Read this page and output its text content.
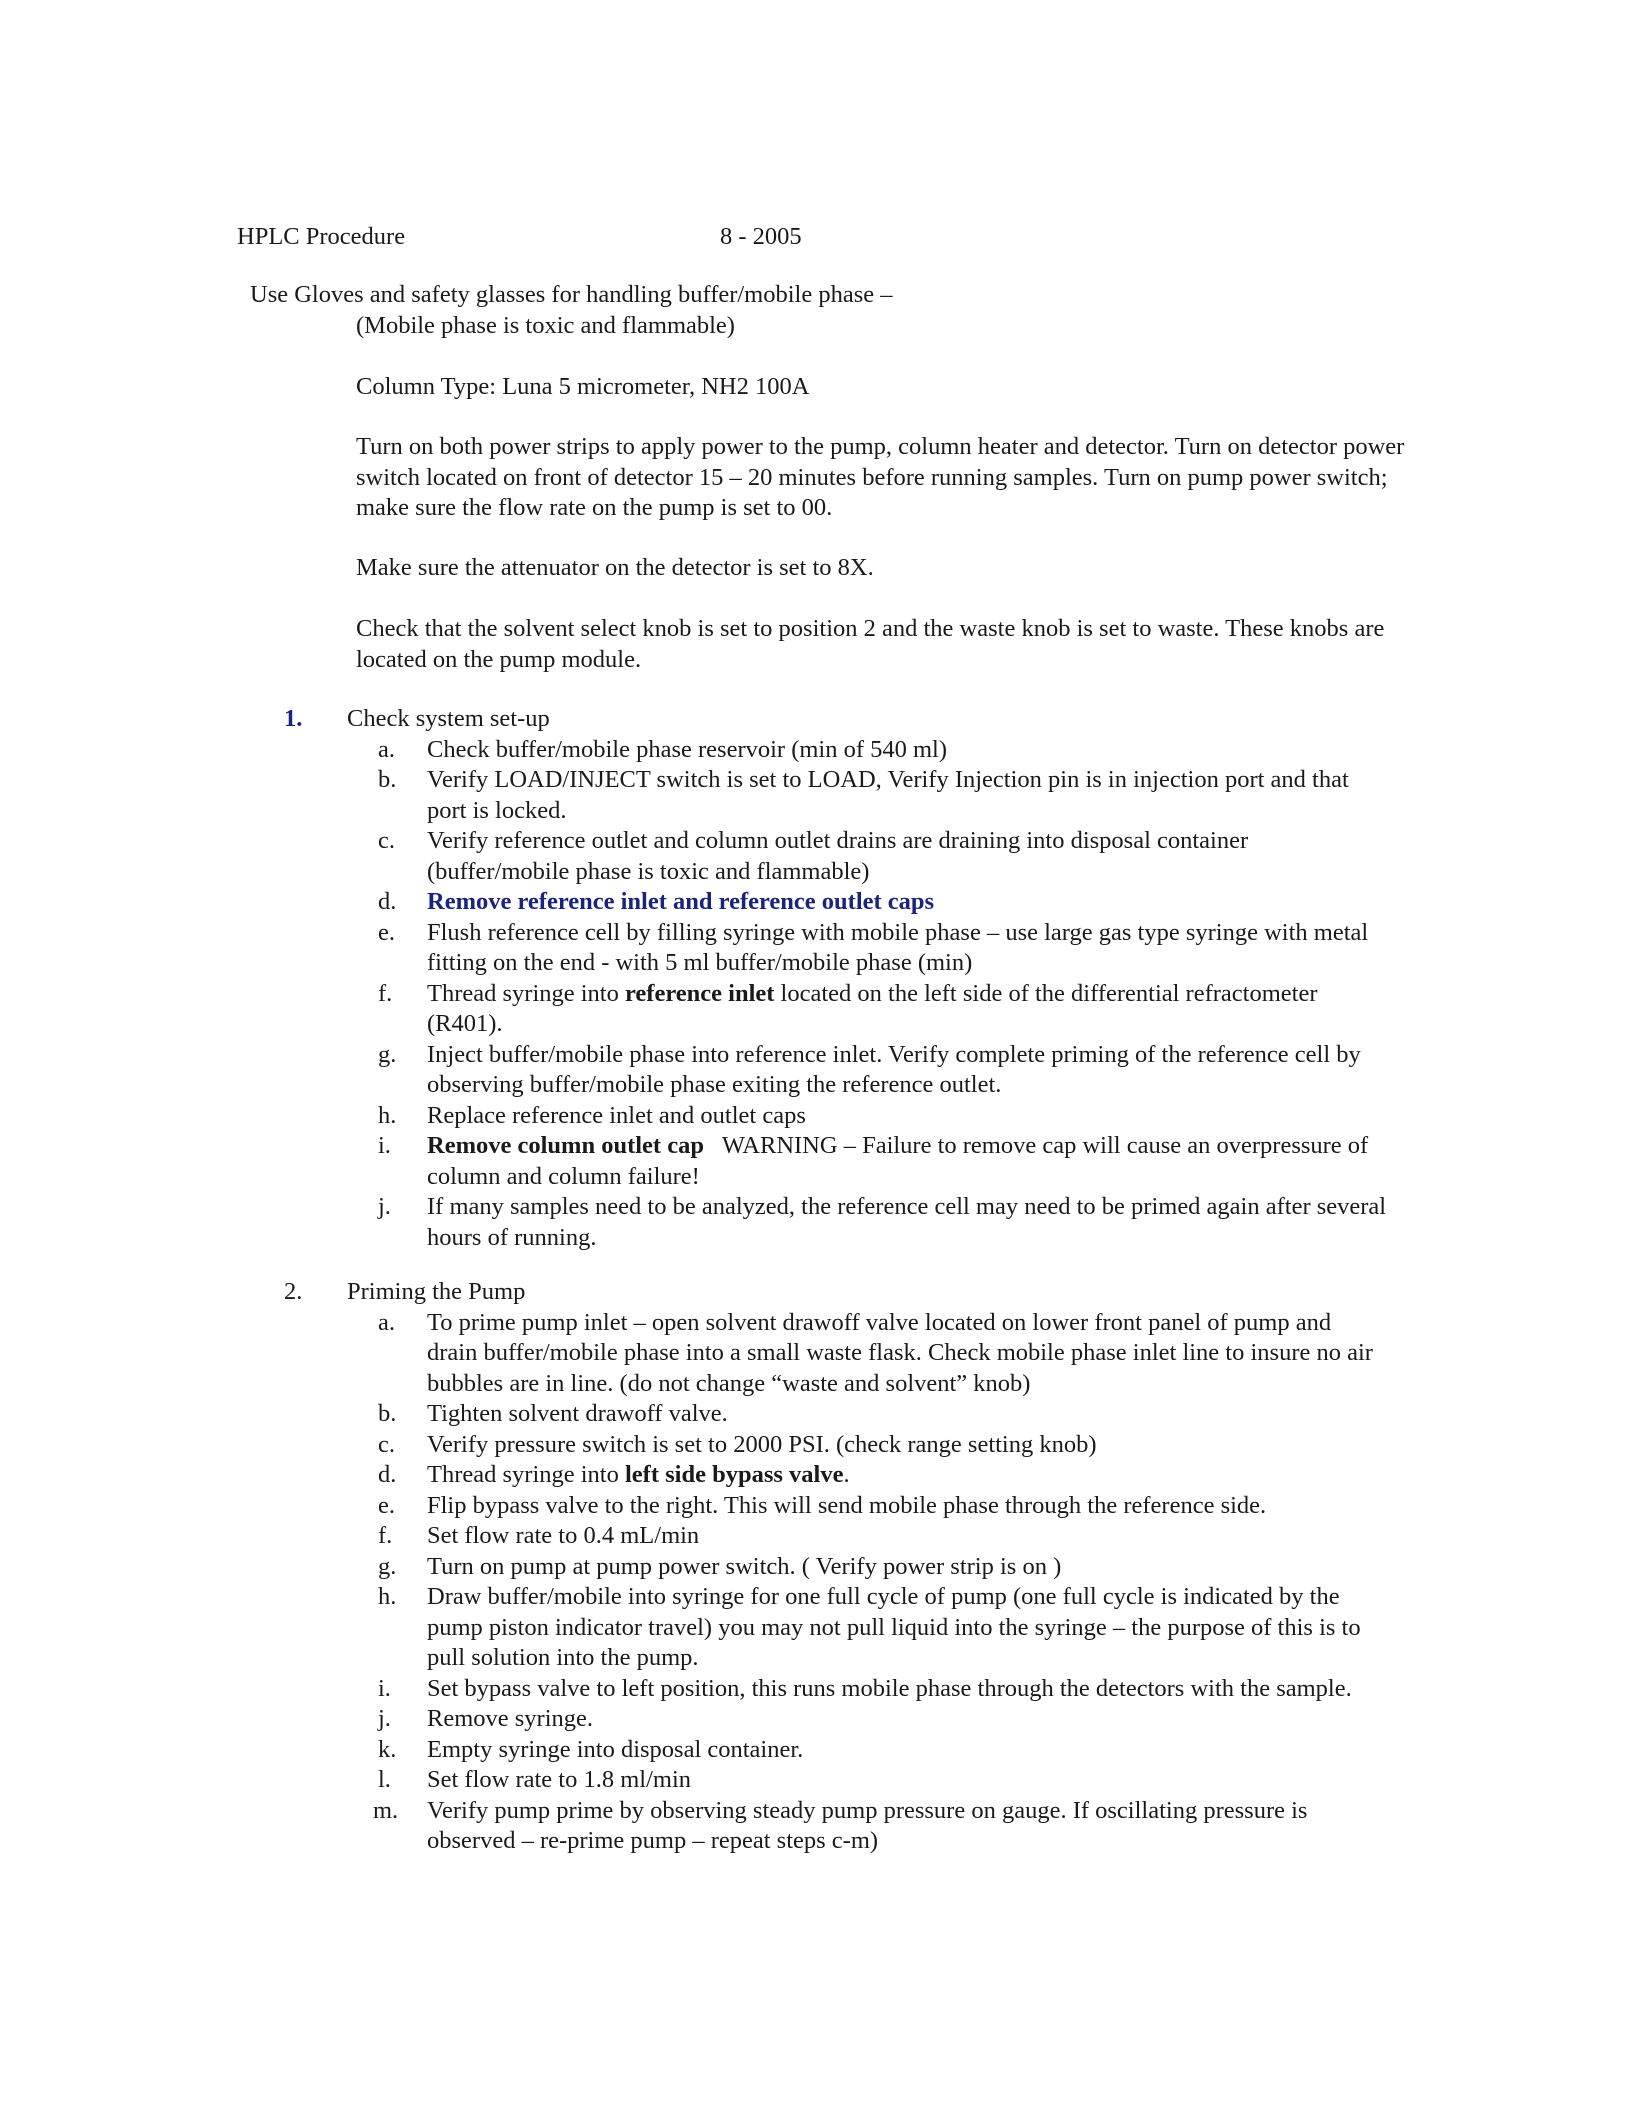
HPLC Procedure	8 - 2005
Use Gloves and safety glasses for handling buffer/mobile phase –
(Mobile phase is toxic and flammable)
Column Type: Luna 5 micrometer, NH2 100A
Turn on both power strips to apply power to the pump, column heater and detector. Turn on detector power switch located on front of detector 15 – 20 minutes before running samples. Turn on pump power switch; make sure the flow rate on the pump is set to 00.
Make sure the attenuator on the detector is set to 8X.
Check that the solvent select knob is set to position 2 and the waste knob is set to waste. These knobs are located on the pump module.
1. Check system set-up
a. Check buffer/mobile phase reservoir (min of 540 ml)
b. Verify LOAD/INJECT switch is set to LOAD, Verify Injection pin is in injection port and that port is locked.
c. Verify reference outlet and column outlet drains are draining into disposal container (buffer/mobile phase is toxic and flammable)
d. Remove reference inlet and reference outlet caps
e. Flush reference cell by filling syringe with mobile phase – use large gas type syringe with metal fitting on the end - with 5 ml buffer/mobile phase (min)
f. Thread syringe into reference inlet located on the left side of the differential refractometer (R401).
g. Inject buffer/mobile phase into reference inlet. Verify complete priming of the reference cell by observing buffer/mobile phase exiting the reference outlet.
h. Replace reference inlet and outlet caps
i. Remove column outlet cap   WARNING – Failure to remove cap will cause an overpressure of column and column failure!
j. If many samples need to be analyzed, the reference cell may need to be primed again after several hours of running.
2. Priming the Pump
a. To prime pump inlet – open solvent drawoff valve located on lower front panel of pump and drain buffer/mobile phase into a small waste flask. Check mobile phase inlet line to insure no air bubbles are in line. (do not change “waste and solvent” knob)
b. Tighten solvent drawoff valve.
c. Verify pressure switch is set to 2000 PSI. (check range setting knob)
d. Thread syringe into left side bypass valve.
e. Flip bypass valve to the right. This will send mobile phase through the reference side.
f. Set flow rate to 0.4 mL/min
g. Turn on pump at pump power switch. ( Verify power strip is on )
h. Draw buffer/mobile into syringe for one full cycle of pump (one full cycle is indicated by the pump piston indicator travel) you may not pull liquid into the syringe – the purpose of this is to pull solution into the pump.
i. Set bypass valve to left position, this runs mobile phase through the detectors with the sample.
j. Remove syringe.
k. Empty syringe into disposal container.
l. Set flow rate to 1.8 ml/min
m. Verify pump prime by observing steady pump pressure on gauge. If oscillating pressure is observed – re-prime pump – repeat steps c-m)
